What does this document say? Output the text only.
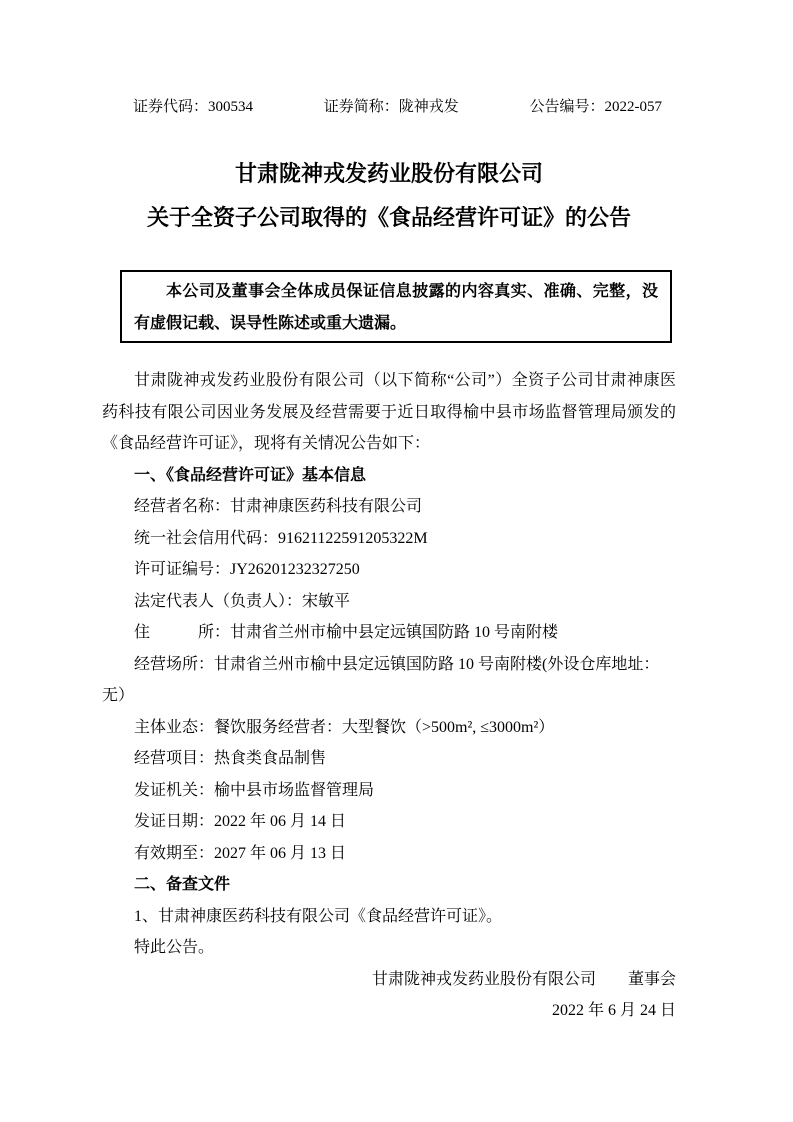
证券代码：300534	证券简称：陇神戎发	公告编号：2022-057

甘肃陇神戎发药业股份有限公司

关于全资子公司取得的《食品经营许可证》的公告

本公司及董事会全体成员保证信息披露的内容真实、准确、完整，没有虚假记载、误导性陈述或重大遗漏。

甘肃陇神戎发药业股份有限公司（以下简称“公司”）全资子公司甘肃神康医药科技有限公司因业务发展及经营需要于近日取得榆中县市场监督管理局颁发的《食品经营许可证》，现将有关情况公告如下：

一、《食品经营许可证》基本信息

经营者名称：甘肃神康医药科技有限公司

统一社会信用代码：91621122591205322M

许可证编号：JY26201232327250

法定代表人（负责人）：宋敏平

住　　　所：甘肃省兰州市榆中县定远镇国防路 10 号南附楼

经营场所：甘肃省兰州市榆中县定远镇国防路 10 号南附楼(外设仓库地址：

无）

主体业态：餐饮服务经营者：大型餐饮（>500m², ≤3000m²）

经营项目：热食类食品制售

发证机关：榆中县市场监督管理局

发证日期：2022 年 06 月 14 日

有效期至：2027 年 06 月 13 日

二、备查文件

1、甘肃神康医药科技有限公司《食品经营许可证》。

特此公告。

甘肃陇神戎发药业股份有限公司　　董事会

2022 年 6 月 24 日
